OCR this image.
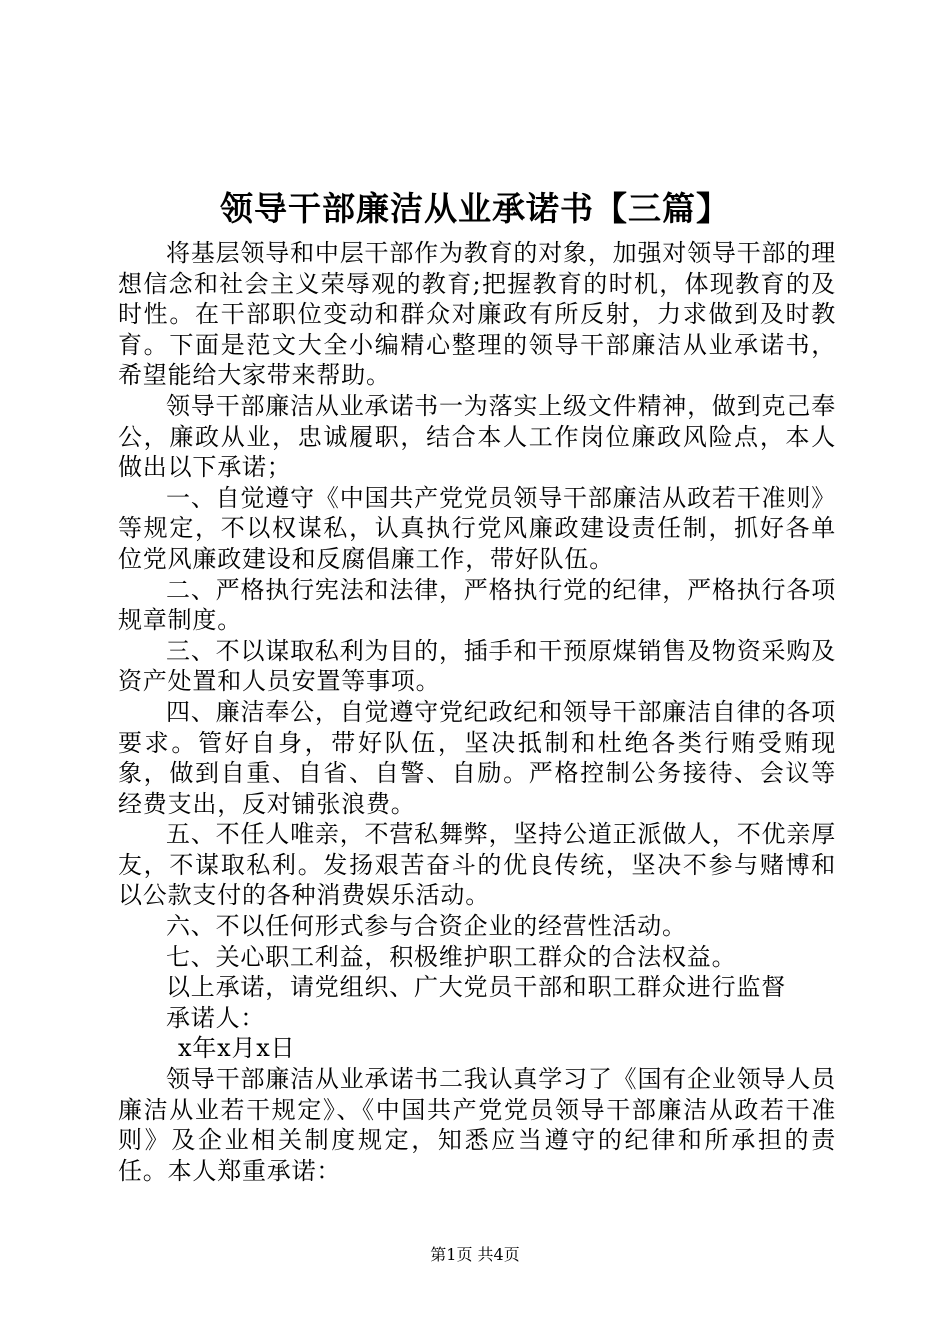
领导干部廉洁从业承诺书【三篇】

将基层领导和中层干部作为教育的对象，加强对领导干部的理想信念和社会主义荣辱观的教育;把握教育的时机，体现教育的及时性。在干部职位变动和群众对廉政有所反射，力求做到及时教育。下面是范文大全小编精心整理的领导干部廉洁从业承诺书，希望能给大家带来帮助。

领导干部廉洁从业承诺书一为落实上级文件精神，做到克己奉公，廉政从业，忠诚履职，结合本人工作岗位廉政风险点，本人做出以下承诺；

一、自觉遵守《中国共产党党员领导干部廉洁从政若干准则》等规定，不以权谋私，认真执行党风廉政建设责任制，抓好各单位党风廉政建设和反腐倡廉工作，带好队伍。

二、严格执行宪法和法律，严格执行党的纪律，严格执行各项规章制度。

三、不以谋取私利为目的，插手和干预原煤销售及物资采购及资产处置和人员安置等事项。

四、廉洁奉公，自觉遵守党纪政纪和领导干部廉洁自律的各项要求。管好自身，带好队伍，坚决抵制和杜绝各类行贿受贿现象，做到自重、自省、自警、自励。严格控制公务接待、会议等经费支出，反对铺张浪费。

五、不任人唯亲，不营私舞弊，坚持公道正派做人，不优亲厚友，不谋取私利。发扬艰苦奋斗的优良传统，坚决不参与赌博和以公款支付的各种消费娱乐活动。

六、不以任何形式参与合资企业的经营性活动。

七、关心职工利益，积极维护职工群众的合法权益。

以上承诺，请党组织、广大党员干部和职工群众进行监督

承诺人：

x年x月x日

领导干部廉洁从业承诺书二我认真学习了《国有企业领导人员廉洁从业若干规定》、《中国共产党党员领导干部廉洁从政若干准则》及企业相关制度规定，知悉应当遵守的纪律和所承担的责任。本人郑重承诺：

第1页 共4页
